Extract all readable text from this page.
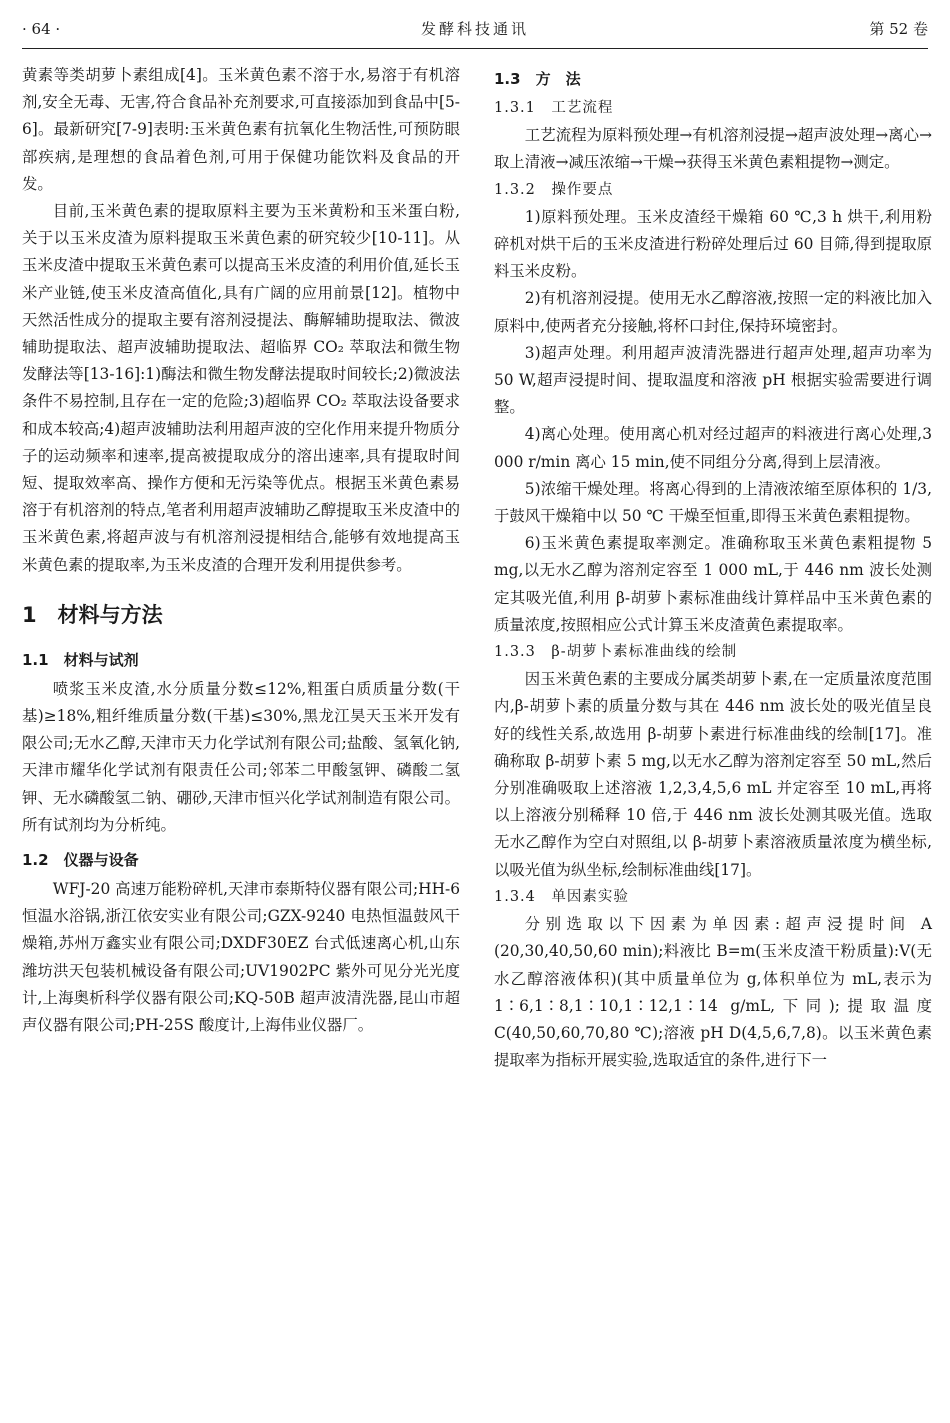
· 64 ·	发酵科技通讯	第 52 卷

黄素等类胡萝卜素组成[4]。玉米黄色素不溶于水,易溶于有机溶剂,安全无毒、无害,符合食品补充剂要求,可直接添加到食品中[5-6]。最新研究[7-9]表明:玉米黄色素有抗氧化生物活性,可预防眼部疾病,是理想的食品着色剂,可用于保健功能饮料及食品的开发。

目前,玉米黄色素的提取原料主要为玉米黄粉和玉米蛋白粉,关于以玉米皮渣为原料提取玉米黄色素的研究较少[10-11]。从玉米皮渣中提取玉米黄色素可以提高玉米皮渣的利用价值,延长玉米产业链,使玉米皮渣高值化,具有广阔的应用前景[12]。植物中天然活性成分的提取主要有溶剂浸提法、酶解辅助提取法、微波辅助提取法、超声波辅助提取法、超临界 CO₂ 萃取法和微生物发酵法等[13-16]:1)酶法和微生物发酵法提取时间较长;2)微波法条件不易控制,且存在一定的危险;3)超临界 CO₂ 萃取法设备要求和成本较高;4)超声波辅助法利用超声波的空化作用来提升物质分子的运动频率和速率,提高被提取成分的溶出速率,具有提取时间短、提取效率高、操作方便和无污染等优点。根据玉米黄色素易溶于有机溶剂的特点,笔者利用超声波辅助乙醇提取玉米皮渣中的玉米黄色素,将超声波与有机溶剂浸提相结合,能够有效地提高玉米黄色素的提取率,为玉米皮渣的合理开发利用提供参考。

1　材料与方法
1.1　材料与试剂

喷浆玉米皮渣,水分质量分数≤12%,粗蛋白质质量分数(干基)≥18%,粗纤维质量分数(干基)≤30%,黑龙江昊天玉米开发有限公司;无水乙醇,天津市天力化学试剂有限公司;盐酸、氢氧化钠,天津市耀华化学试剂有限责任公司;邻苯二甲酸氢钾、磷酸二氢钾、无水磷酸氢二钠、硼砂,天津市恒兴化学试剂制造有限公司。所有试剂均为分析纯。

1.2　仪器与设备

WFJ-20 高速万能粉碎机,天津市泰斯特仪器有限公司;HH-6 恒温水浴锅,浙江依安实业有限公司;GZX-9240 电热恒温鼓风干燥箱,苏州万鑫实业有限公司;DXDF30EZ 台式低速离心机,山东潍坊洪天包装机械设备有限公司;UV1902PC 紫外可见分光光度计,上海奥析科学仪器有限公司;KQ-50B 超声波清洗器,昆山市超声仪器有限公司;PH-25S 酸度计,上海伟业仪器厂。

1.3　方　法
1.3.1　工艺流程

工艺流程为原料预处理→有机溶剂浸提→超声波处理→离心→取上清液→减压浓缩→干燥→获得玉米黄色素粗提物→测定。

1.3.2　操作要点

1)原料预处理。玉米皮渣经干燥箱 60 ℃,3 h 烘干,利用粉碎机对烘干后的玉米皮渣进行粉碎处理后过 60 目筛,得到提取原料玉米皮粉。

2)有机溶剂浸提。使用无水乙醇溶液,按照一定的料液比加入原料中,使两者充分接触,将杯口封住,保持环境密封。

3)超声处理。利用超声波清洗器进行超声处理,超声功率为 50 W,超声浸提时间、提取温度和溶液 pH 根据实验需要进行调整。

4)离心处理。使用离心机对经过超声的料液进行离心处理,3 000 r/min 离心 15 min,使不同组分分离,得到上层清液。

5)浓缩干燥处理。将离心得到的上清液浓缩至原体积的 1/3,于鼓风干燥箱中以 50 ℃ 干燥至恒重,即得玉米黄色素粗提物。

6)玉米黄色素提取率测定。准确称取玉米黄色素粗提物 5 mg,以无水乙醇为溶剂定容至 1 000 mL,于 446 nm 波长处测定其吸光值,利用 β-胡萝卜素标准曲线计算样品中玉米黄色素的质量浓度,按照相应公式计算玉米皮渣黄色素提取率。

1.3.3　β-胡萝卜素标准曲线的绘制

因玉米黄色素的主要成分属类胡萝卜素,在一定质量浓度范围内,β-胡萝卜素的质量分数与其在 446 nm 波长处的吸光值呈良好的线性关系,故选用 β-胡萝卜素进行标准曲线的绘制[17]。准确称取 β-胡萝卜素 5 mg,以无水乙醇为溶剂定容至 50 mL,然后分别准确吸取上述溶液 1,2,3,4,5,6 mL 并定容至 10 mL,再将以上溶液分别稀释 10 倍,于 446 nm 波长处测其吸光值。选取无水乙醇作为空白对照组,以 β-胡萝卜素溶液质量浓度为横坐标,以吸光值为纵坐标,绘制标准曲线[17]。

1.3.4　单因素实验

分别选取以下因素为单因素:超声浸提时间 A (20,30,40,50,60 min);料液比 B=m(玉米皮渣干粉质量):V(无水乙醇溶液体积)(其中质量单位为 g,体积单位为 mL,表示为 1∶6,1∶8,1∶10,1∶12,1∶14 g/mL,下同);提取温度 C(40,50,60,70,80 ℃);溶液 pH D(4,5,6,7,8)。以玉米黄色素提取率为指标开展实验,选取适宜的条件,进行下一
